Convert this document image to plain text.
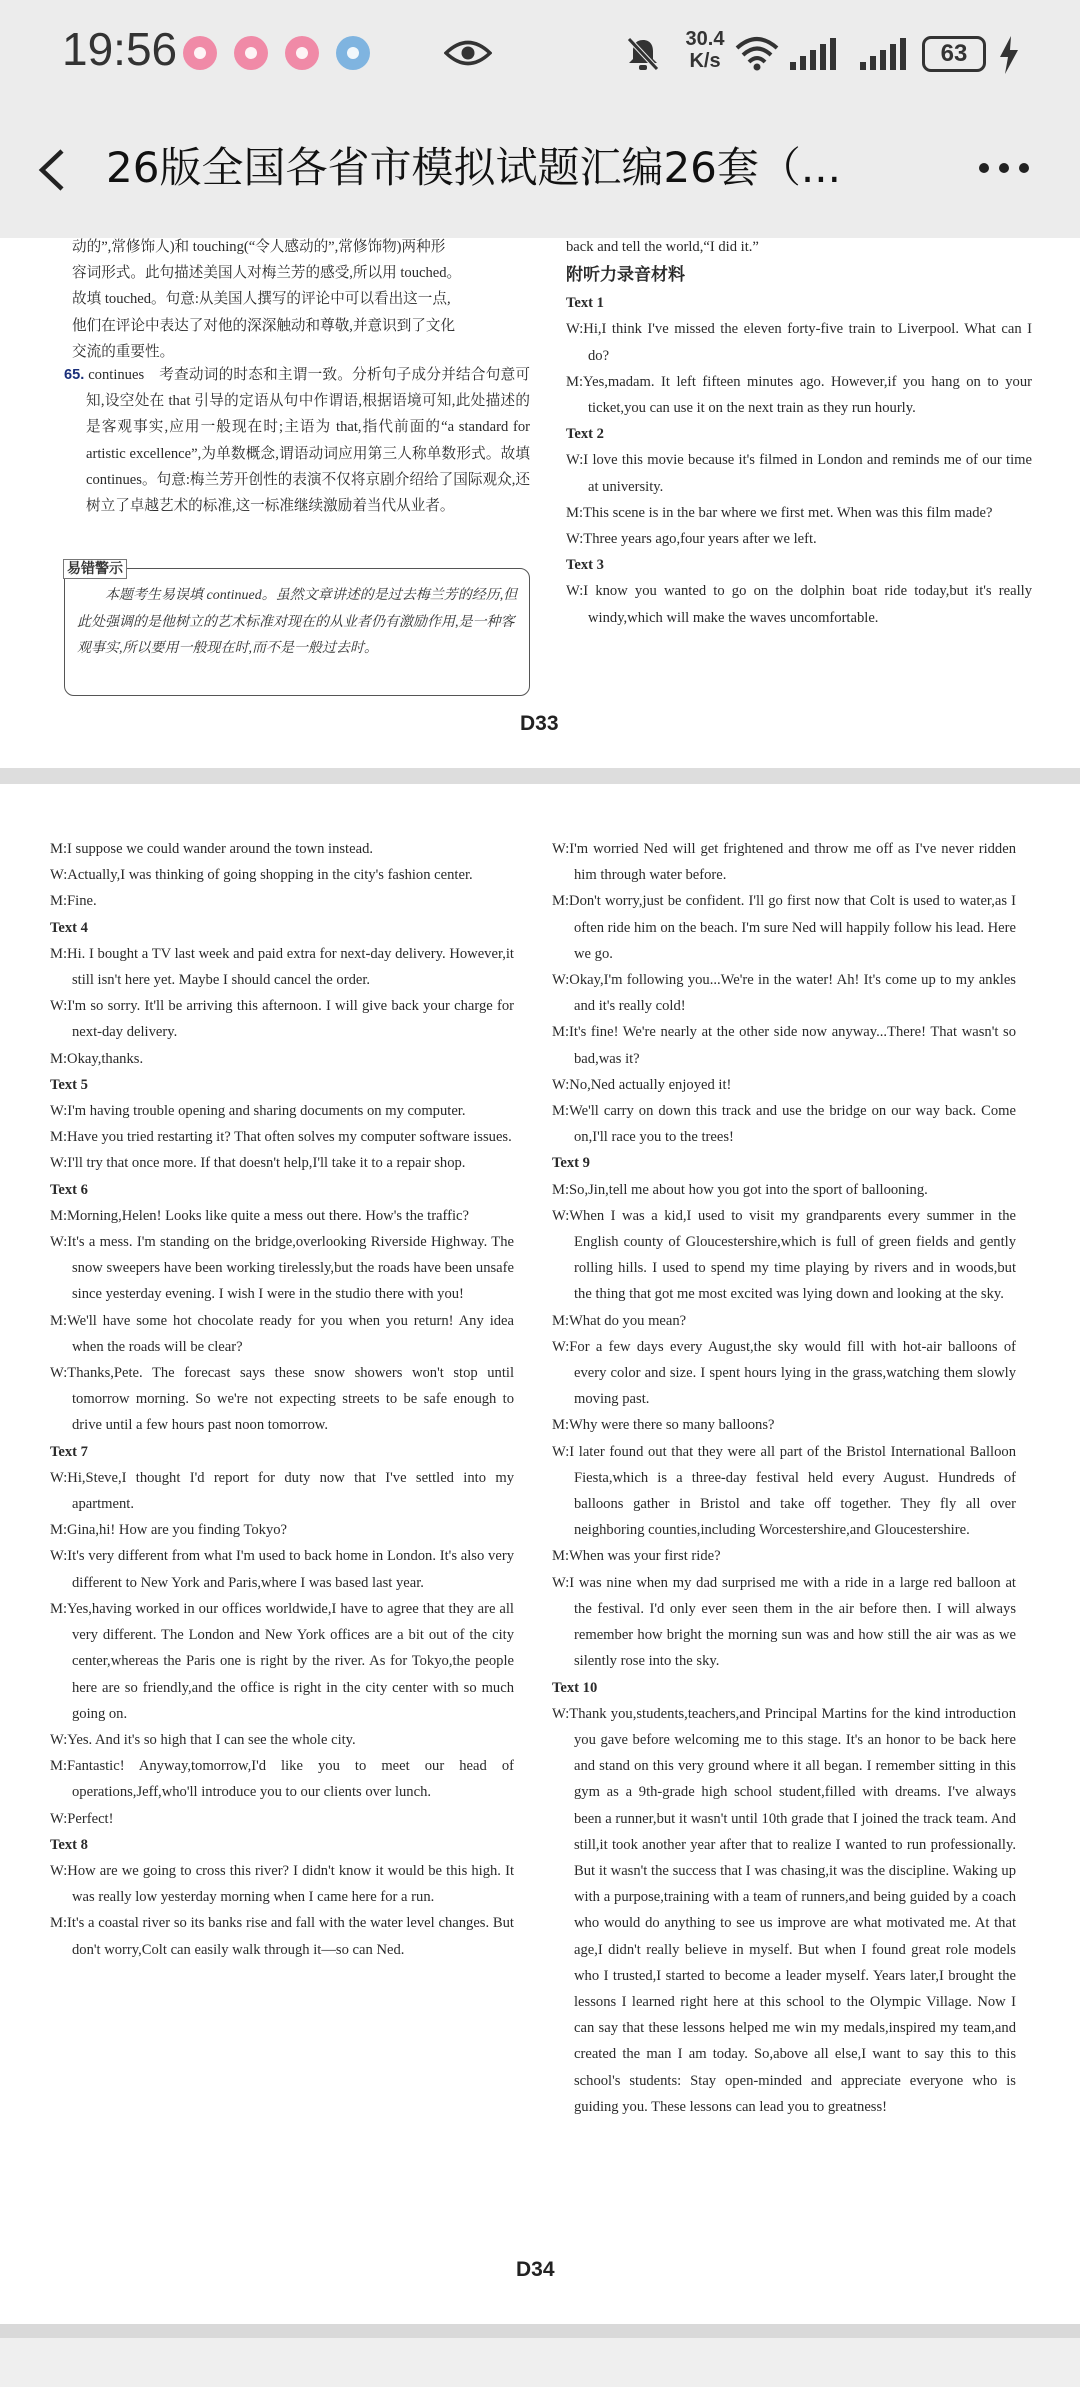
19:56	30.4
K/s	63
26版全国各省市模拟试题汇编26套（...

动的”,常修饰人)和 touching(“令人感动的”,常修饰物)两种形

容词形式。此句描述美国人对梅兰芳的感受,所以用 touched。

故填 touched。句意:从美国人撰写的评论中可以看出这一点,

他们在评论中表达了对他的深深触动和尊敬,并意识到了文化

交流的重要性。

65. continues　考查动词的时态和主谓一致。分析句子成分并结合句意可知,设空处在 that 引导的定语从句中作谓语,根据语境可知,此处描述的是客观事实,应用一般现在时;主语为 that,指代前面的“a standard for artistic excellence”,为单数概念,谓语动词应用第三人称单数形式。故填 continues。句意:梅兰芳开创性的表演不仅将京剧介绍给了国际观众,还树立了卓越艺术的标准,这一标准继续激励着当代从业者。

易错警示

本题考生易误填 continued。虽然文章讲述的是过去梅兰芳的经历,但此处强调的是他树立的艺术标准对现在的从业者仍有激励作用,是一种客观事实,所以要用一般现在时,而不是一般过去时。

back and tell the world,“I did it.”

附听力录音材料

Text 1

W:Hi,I think I've missed the eleven forty-five train to Liverpool. What can I do?

M:Yes,madam. It left fifteen minutes ago. However,if you hang on to your ticket,you can use it on the next train as they run hourly.

Text 2

W:I love this movie because it's filmed in London and reminds me of our time at university.

M:This scene is in the bar where we first met. When was this film made?

W:Three years ago,four years after we left.

Text 3

W:I know you wanted to go on the dolphin boat ride today,but it's really windy,which will make the waves uncomfortable.

D33

M:I suppose we could wander around the town instead.

W:Actually,I was thinking of going shopping in the city's fashion center.

M:Fine.

Text 4

M:Hi. I bought a TV last week and paid extra for next-day delivery. However,it still isn't here yet. Maybe I should cancel the order.

W:I'm so sorry. It'll be arriving this afternoon. I will give back your charge for next-day delivery.

M:Okay,thanks.

Text 5

W:I'm having trouble opening and sharing documents on my computer.

M:Have you tried restarting it? That often solves my computer software issues.

W:I'll try that once more. If that doesn't help,I'll take it to a repair shop.

Text 6

M:Morning,Helen! Looks like quite a mess out there. How's the traffic?

W:It's a mess. I'm standing on the bridge,overlooking Riverside Highway. The snow sweepers have been working tirelessly,but the roads have been unsafe since yesterday evening. I wish I were in the studio there with you!

M:We'll have some hot chocolate ready for you when you return! Any idea when the roads will be clear?

W:Thanks,Pete. The forecast says these snow showers won't stop until tomorrow morning. So we're not expecting streets to be safe enough to drive until a few hours past noon tomorrow.

Text 7

W:Hi,Steve,I thought I'd report for duty now that I've settled into my apartment.

M:Gina,hi! How are you finding Tokyo?

W:It's very different from what I'm used to back home in London. It's also very different to New York and Paris,where I was based last year.

M:Yes,having worked in our offices worldwide,I have to agree that they are all very different. The London and New York offices are a bit out of the city center,whereas the Paris one is right by the river. As for Tokyo,the people here are so friendly,and the office is right in the city center with so much going on.

W:Yes. And it's so high that I can see the whole city.

M:Fantastic! Anyway,tomorrow,I'd like you to meet our head of operations,Jeff,who'll introduce you to our clients over lunch.

W:Perfect!

Text 8

W:How are we going to cross this river? I didn't know it would be this high. It was really low yesterday morning when I came here for a run.

M:It's a coastal river so its banks rise and fall with the water level changes. But don't worry,Colt can easily walk through it—so can Ned.

W:I'm worried Ned will get frightened and throw me off as I've never ridden him through water before.

M:Don't worry,just be confident. I'll go first now that Colt is used to water,as I often ride him on the beach. I'm sure Ned will happily follow his lead. Here we go.

W:Okay,I'm following you...We're in the water! Ah! It's come up to my ankles and it's really cold!

M:It's fine! We're nearly at the other side now anyway...There! That wasn't so bad,was it?

W:No,Ned actually enjoyed it!

M:We'll carry on down this track and use the bridge on our way back. Come on,I'll race you to the trees!

Text 9

M:So,Jin,tell me about how you got into the sport of ballooning.

W:When I was a kid,I used to visit my grandparents every summer in the English county of Gloucestershire,which is full of green fields and gently rolling hills. I used to spend my time playing by rivers and in woods,but the thing that got me most excited was lying down and looking at the sky.

M:What do you mean?

W:For a few days every August,the sky would fill with hot-air balloons of every color and size. I spent hours lying in the grass,watching them slowly moving past.

M:Why were there so many balloons?

W:I later found out that they were all part of the Bristol International Balloon Fiesta,which is a three-day festival held every August. Hundreds of balloons gather in Bristol and take off together. They fly all over neighboring counties,including Worcestershire,and Gloucestershire.

M:When was your first ride?

W:I was nine when my dad surprised me with a ride in a large red balloon at the festival. I'd only ever seen them in the air before then. I will always remember how bright the morning sun was and how still the air was as we silently rose into the sky.

Text 10

W:Thank you,students,teachers,and Principal Martins for the kind introduction you gave before welcoming me to this stage. It's an honor to be back here and stand on this very ground where it all began. I remember sitting in this gym as a 9th-grade high school student,filled with dreams. I've always been a runner,but it wasn't until 10th grade that I joined the track team. And still,it took another year after that to realize I wanted to run professionally. But it wasn't the success that I was chasing,it was the discipline. Waking up with a purpose,training with a team of runners,and being guided by a coach who would do anything to see us improve are what motivated me. At that age,I didn't really believe in myself. But when I found great role models who I trusted,I started to become a leader myself. Years later,I brought the lessons I learned right here at this school to the Olympic Village. Now I can say that these lessons helped me win my medals,inspired my team,and created the man I am today. So,above all else,I want to say this to this school's students: Stay open-minded and appreciate everyone who is guiding you. These lessons can lead you to greatness!

D34
